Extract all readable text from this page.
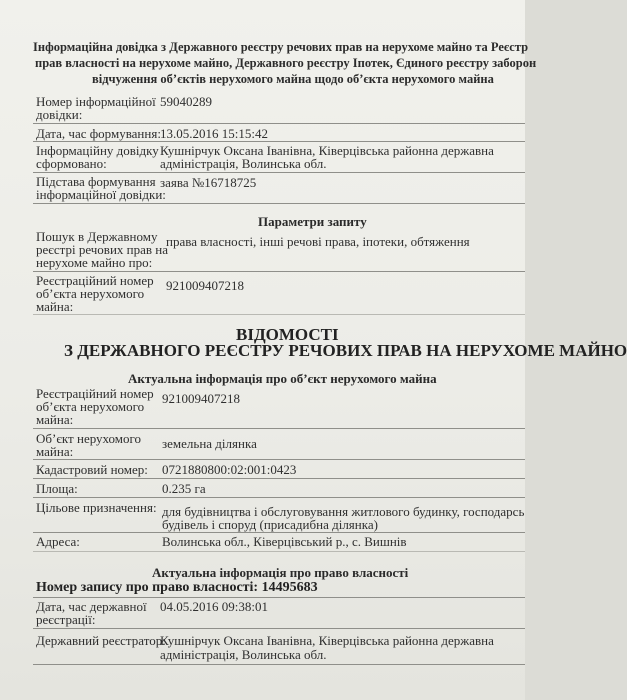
Інформаційна довідка з Державного реєстру речових прав на нерухоме майно та Реєстр
прав власності на нерухоме майно, Державного реєстру Іпотек, Єдиного реєстру заборон
відчуження об’єктів нерухомого майна щодо об’єкта нерухомого майна
Номер інформаційної
довідки:
59040289
Дата, час формування: 13.05.2016 15:15:42
Інформаційну довідку
сформовано:
Кушнірчук Оксана Іванівна, Ківерцівська районна державна
адміністрація, Волинська обл.
Підстава формування
інформаційної довідки:
заява №16718725
Параметри запиту
Пошук в Державному
реєстрі речових прав на
нерухоме майно про:
права власності, інші речові права, іпотеки, обтяження
Реєстраційний номер
об’єкта нерухомого
майна:
921009407218
ВІДОМОСТІ
З ДЕРЖАВНОГО РЕЄСТРУ РЕЧОВИХ ПРАВ НА НЕРУХОМЕ МАЙНО
Актуальна інформація про об’єкт нерухомого майна
Реєстраційний номер
об’єкта нерухомого
майна:
921009407218
Об’єкт нерухомого
майна:
земельна ділянка
Кадастровий номер: 0721880800:02:001:0423
Площа:	0.235 га
Цільове призначення: для будівництва і обслуговування житлового будинку, господарсь
будівель і споруд (присадибна ділянка)
Адреса:	Волинська обл., Ківерцівський р., с. Вишнів
Актуальна інформація про право власності
Номер запису про право власності: 14495683
Дата, час державної
реєстрації:
04.05.2016 09:38:01
Державний реєстратор:
Кушнірчук Оксана Іванівна, Ківерцівська районна державна
адміністрація, Волинська обл.
